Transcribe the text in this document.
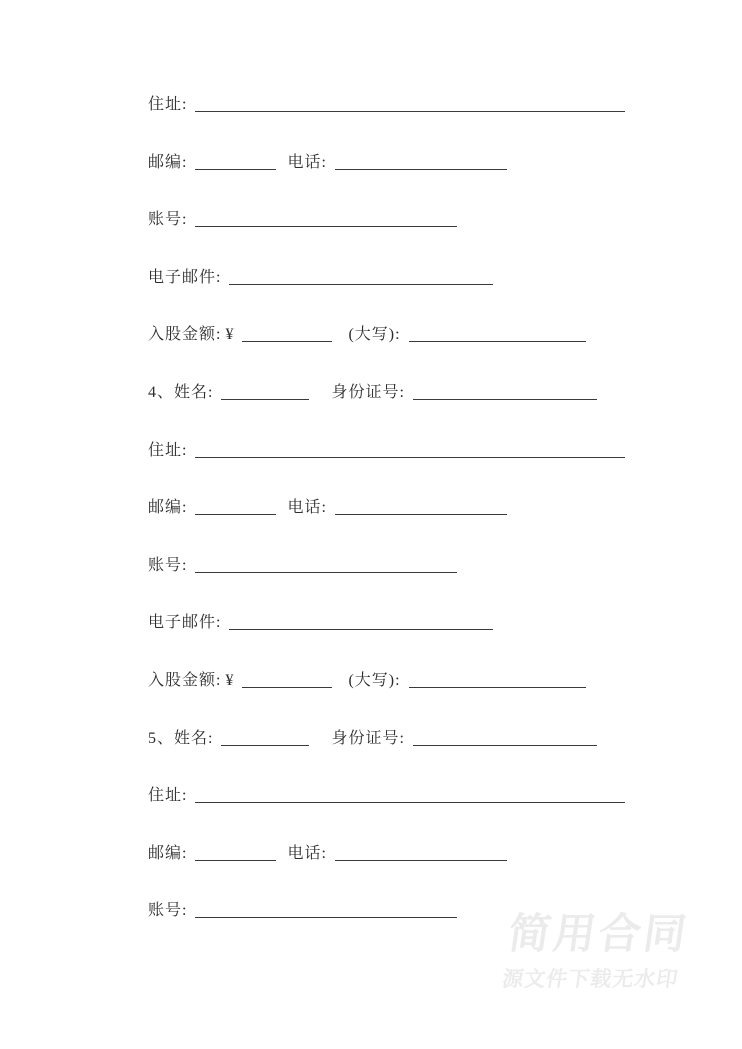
住址:
邮编:	电话:
账号:
电子邮件:
入股金额: ¥	(大写):
4、姓名:	身份证号:
住址:
邮编:	电话:
账号:
电子邮件:
入股金额: ¥	(大写):
5、姓名:	身份证号:
住址:
邮编:	电话:
账号:	简用合同
源文件下载无水印
